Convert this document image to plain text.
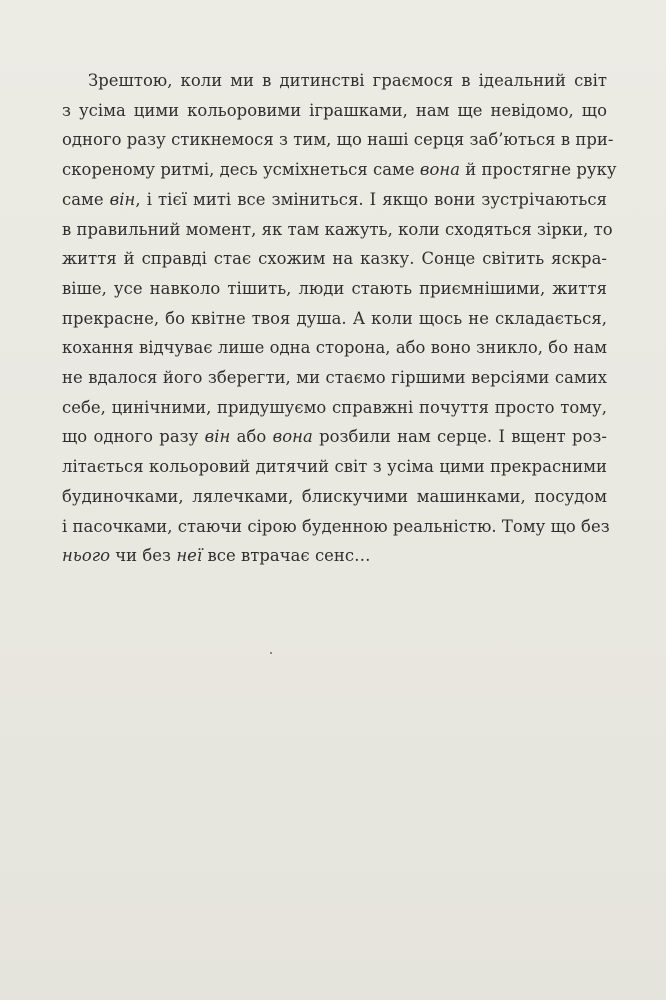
Зрештою, коли ми в дитинстві граємося в ідеальний світ
з усіма цими кольоровими іграшками, нам ще невідомо, що
одного разу стикнемося з тим, що наші серця заб’ються в при-
скореному ритмі, десь усміхнеться саме вона й простягне руку
саме він, і тієї миті все зміниться. І якщо вони зустрічаються
в правильний момент, як там кажуть, коли сходяться зірки, то
життя й справді стає схожим на казку. Сонце світить яскра-
віше, усе навколо тішить, люди стають приємнішими, життя
прекрасне, бо квітне твоя душа. А коли щось не складається,
кохання відчуває лише одна сторона, або воно зникло, бо нам
не вдалося його зберегти, ми стаємо гіршими версіями самих
себе, цинічними, придушуємо справжні почуття просто тому,
що одного разу він або вона розбили нам серце. І вщент роз-
літається кольоровий дитячий світ з усіма цими прекрасними
будиночками, лялечками, блискучими машинками, посудом
і пасочками, стаючи сірою буденною реальністю. Тому що без
нього чи без неї все втрачає сенс…
